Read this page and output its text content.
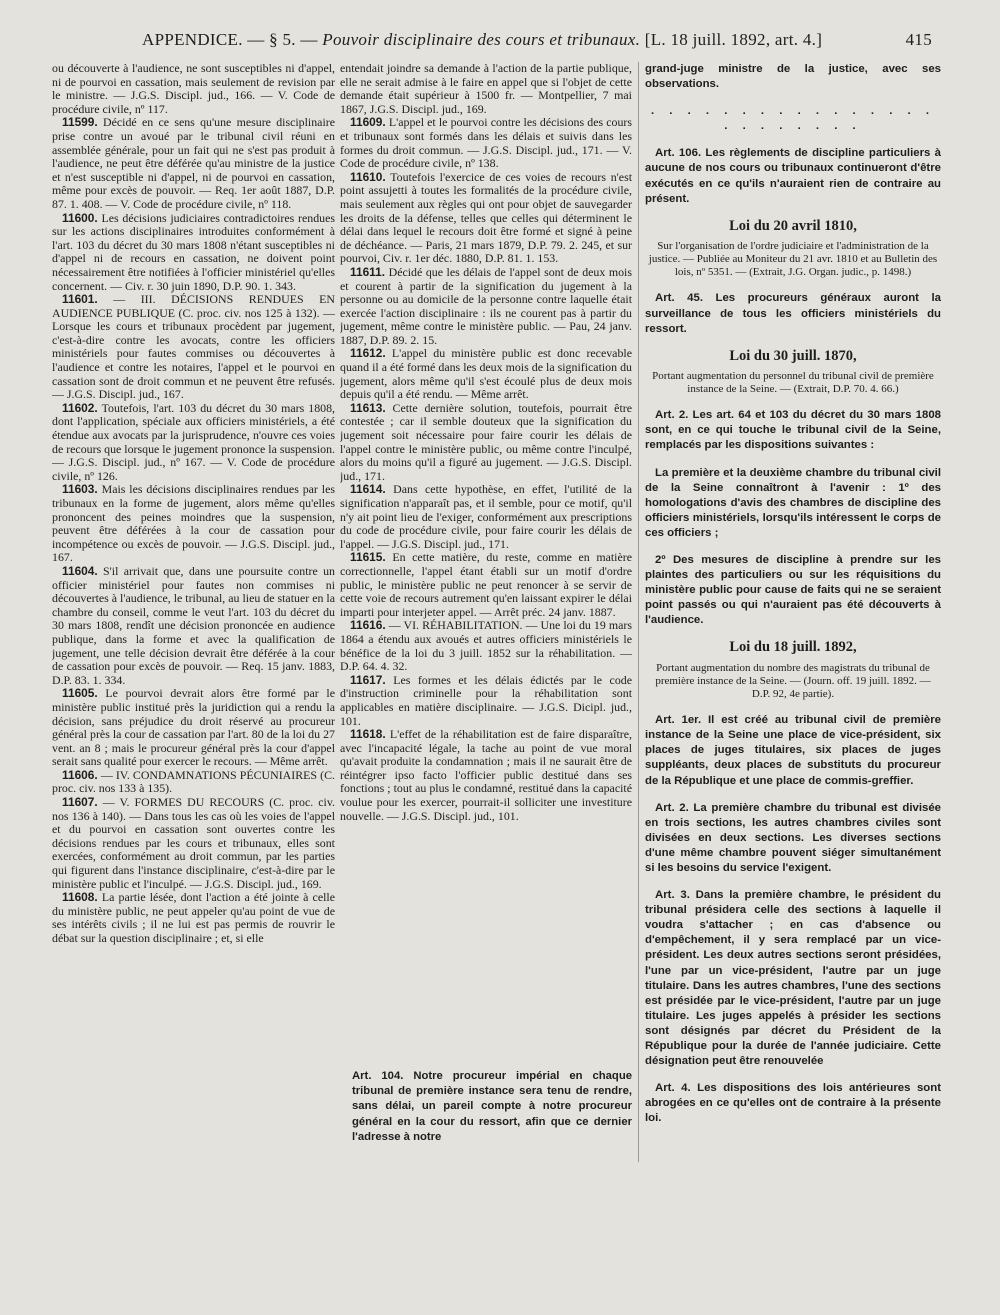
APPENDICE. — § 5. — Pouvoir disciplinaire des cours et tribunaux. [L. 18 juill. 1892, art. 4.]	415

ou découverte à l'audience, ne sont susceptibles ni d'appel, ni de pourvoi en cassation, mais seulement de revision par le ministre. — J.G.S. Discipl. jud., 166. — V. Code de procédure civile, nº 117.

11599. Décidé en ce sens qu'une mesure disciplinaire prise contre un avoué par le tribunal civil réuni en assemblée générale, pour un fait qui ne s'est pas produit à l'audience, ne peut être déférée qu'au ministre de la justice et n'est susceptible ni d'appel, ni de pourvoi en cassation, même pour excès de pouvoir. — Req. 1er août 1887, D.P. 87. 1. 408. — V. Code de procédure civile, nº 118.

11600. Les décisions judiciaires contradictoires rendues sur les actions disciplinaires introduites conformément à l'art. 103 du décret du 30 mars 1808 n'étant susceptibles ni d'appel ni de recours en cassation, ne doivent point nécessairement être notifiées à l'officier ministériel qu'elles concernent. — Civ. r. 30 juin 1890, D.P. 90. 1. 343.

11601. — III. DÉCISIONS RENDUES EN AUDIENCE PUBLIQUE (C. proc. civ. nos 125 à 132). — Lorsque les cours et tribunaux procèdent par jugement, c'est-à-dire contre les avocats, contre les officiers ministériels pour fautes commises ou découvertes à l'audience et contre les notaires, l'appel et le pourvoi en cassation sont de droit commun et ne peuvent être refusés. — J.G.S. Discipl. jud., 167.

11602. Toutefois, l'art. 103 du décret du 30 mars 1808, dont l'application, spéciale aux officiers ministériels, a été étendue aux avocats par la jurisprudence, n'ouvre ces voies de recours que lorsque le jugement prononce la suspension. — J.G.S. Discipl. jud., nº 167. — V. Code de procédure civile, nº 126.

11603. Mais les décisions disciplinaires rendues par les tribunaux en la forme de jugement, alors même qu'elles prononcent des peines moindres que la suspension, peuvent être déférées à la cour de cassation pour incompétence ou excès de pouvoir. — J.G.S. Discipl. jud., 167.

11604. S'il arrivait que, dans une poursuite contre un officier ministériel pour fautes non commises ni découvertes à l'audience, le tribunal, au lieu de statuer en la chambre du conseil, comme le veut l'art. 103 du décret du 30 mars 1808, rendît une décision prononcée en audience publique, dans la forme et avec la qualification de jugement, une telle décision devrait être déférée à la cour de cassation pour excès de pouvoir. — Req. 15 janv. 1883, D.P. 83. 1. 334.

11605. Le pourvoi devrait alors être formé par le ministère public institué près la juridiction qui a rendu la décision, sans préjudice du droit réservé au procureur général près la cour de cassation par l'art. 80 de la loi du 27 vent. an 8 ; mais le procureur général près la cour d'appel serait sans qualité pour exercer le recours. — Même arrêt.

11606. — IV. CONDAMNATIONS PÉCUNIAIRES (C. proc. civ. nos 133 à 135).

11607. — V. FORMES DU RECOURS (C. proc. civ. nos 136 à 140). — Dans tous les cas où les voies de l'appel et du pourvoi en cassation sont ouvertes contre les décisions rendues par les cours et tribunaux, elles sont exercées, conformément au droit commun, par les parties qui figurent dans l'instance disciplinaire, c'est-à-dire par le ministère public et l'inculpé. — J.G.S. Discipl. jud., 169.

11608. La partie lésée, dont l'action a été jointe à celle du ministère public, ne peut appeler qu'au point de vue de ses intérêts civils ; il ne lui est pas permis de rouvrir le débat sur la question disciplinaire ; et, si elle

entendait joindre sa demande à l'action de la partie publique, elle ne serait admise à le faire en appel que si l'objet de cette demande était supérieur à 1500 fr. — Montpellier, 7 mai 1867, J.G.S. Discipl. jud., 169.

11609. L'appel et le pourvoi contre les décisions des cours et tribunaux sont formés dans les délais et suivis dans les formes du droit commun. — J.G.S. Discipl. jud., 171. — V. Code de procédure civile, nº 138.

11610. Toutefois l'exercice de ces voies de recours n'est point assujetti à toutes les formalités de la procédure civile, mais seulement aux règles qui ont pour objet de sauvegarder les droits de la défense, telles que celles qui déterminent le délai dans lequel le recours doit être formé et signé à peine de déchéance. — Paris, 21 mars 1879, D.P. 79. 2. 245, et sur pourvoi, Civ. r. 1er déc. 1880, D.P. 81. 1. 153.

11611. Décidé que les délais de l'appel sont de deux mois et courent à partir de la signification du jugement à la personne ou au domicile de la personne contre laquelle était exercée l'action disciplinaire : ils ne courent pas à partir du jugement, même contre le ministère public. — Pau, 24 janv. 1887, D.P. 89. 2. 15.

11612. L'appel du ministère public est donc recevable quand il a été formé dans les deux mois de la signification du jugement, alors même qu'il s'est écoulé plus de deux mois depuis qu'il a été rendu. — Même arrêt.

11613. Cette dernière solution, toutefois, pourrait être contestée ; car il semble douteux que la signification du jugement soit nécessaire pour faire courir les délais de l'appel contre le ministère public, ou même contre l'inculpé, alors du moins qu'il a figuré au jugement. — J.G.S. Discipl. jud., 171.

11614. Dans cette hypothèse, en effet, l'utilité de la signification n'apparaît pas, et il semble, pour ce motif, qu'il n'y ait point lieu de l'exiger, conformément aux prescriptions du code de procédure civile, pour faire courir les délais de l'appel. — J.G.S. Discipl. jud., 171.

11615. En cette matière, du reste, comme en matière correctionnelle, l'appel étant établi sur un motif d'ordre public, le ministère public ne peut renoncer à se servir de cette voie de recours autrement qu'en laissant expirer le délai imparti pour interjeter appel. — Arrêt préc. 24 janv. 1887.

11616. — VI. RÉHABILITATION. — Une loi du 19 mars 1864 a étendu aux avoués et autres officiers ministériels le bénéfice de la loi du 3 juill. 1852 sur la réhabilitation. — D.P. 64. 4. 32.

11617. Les formes et les délais édictés par le code d'instruction criminelle pour la réhabilitation sont applicables en matière disciplinaire. — J.G.S. Dicipl. jud., 101.

11618. L'effet de la réhabilitation est de faire disparaître, avec l'incapacité légale, la tache au point de vue moral qu'avait produite la condamnation ; mais il ne saurait être de réintégrer ipso facto l'officier public destitué dans ses fonctions ; tout au plus le condamné, restitué dans la capacité voulue pour les exercer, pourrait-il solliciter une investiture nouvelle. — J.G.S. Discipl. jud., 101.

Art. 104. Notre procureur impérial en chaque tribunal de première instance sera tenu de rendre, sans délai, un pareil compte à notre procureur général en la cour du ressort, afin que ce dernier l'adresse à notre

grand-juge ministre de la justice, avec ses observations.

. . . . . . . . . . . . . . . . . . . . . . . .

Art. 106. Les règlements de discipline particuliers à aucune de nos cours ou tribunaux continueront d'être exécutés en ce qu'ils n'auraient rien de contraire au présent.

Loi du 20 avril 1810,

Sur l'organisation de l'ordre judiciaire et l'administration de la justice. — Publiée au Moniteur du 21 avr. 1810 et au Bulletin des lois, nº 5351. — (Extrait, J.G. Organ. judic., p. 1498.)

Art. 45. Les procureurs généraux auront la surveillance de tous les officiers ministériels du ressort.

Loi du 30 juill. 1870,

Portant augmentation du personnel du tribunal civil de première instance de la Seine. — (Extrait, D.P. 70. 4. 66.)

Art. 2. Les art. 64 et 103 du décret du 30 mars 1808 sont, en ce qui touche le tribunal civil de la Seine, remplacés par les dispositions suivantes :

La première et la deuxième chambre du tribunal civil de la Seine connaîtront à l'avenir : 1º des homologations d'avis des chambres de discipline des officiers ministériels, lorsqu'ils intéressent le corps de ces officiers ;

2º Des mesures de discipline à prendre sur les plaintes des particuliers ou sur les réquisitions du ministère public pour cause de faits qui ne se seraient point passés ou qui n'auraient pas été découverts à l'audience.

Loi du 18 juill. 1892,

Portant augmentation du nombre des magistrats du tribunal de première instance de la Seine. — (Journ. off. 19 juill. 1892. — D.P. 92, 4e partie).

Art. 1er. Il est créé au tribunal civil de première instance de la Seine une place de vice-président, six places de juges titulaires, six places de juges suppléants, deux places de substituts du procureur de la République et une place de commis-greffier.

Art. 2. La première chambre du tribunal est divisée en trois sections, les autres chambres civiles sont divisées en deux sections. Les diverses sections d'une même chambre pouvent siéger simultanément si les besoins du service l'exigent.

Art. 3. Dans la première chambre, le président du tribunal présidera celle des sections à laquelle il voudra s'attacher ; en cas d'absence ou d'empêchement, il y sera remplacé par un vice-président. Les deux autres sections seront présidées, l'une par un vice-président, l'autre par un juge titulaire. Dans les autres chambres, l'une des sections est présidée par le vice-président, l'autre par un juge titulaire. Les juges appelés à présider les sections sont désignés par décret du Président de la République pour la durée de l'année judiciaire. Cette désignation peut être renouvelée

Art. 4. Les dispositions des lois antérieures sont abrogées en ce qu'elles ont de contraire à la présente loi.
